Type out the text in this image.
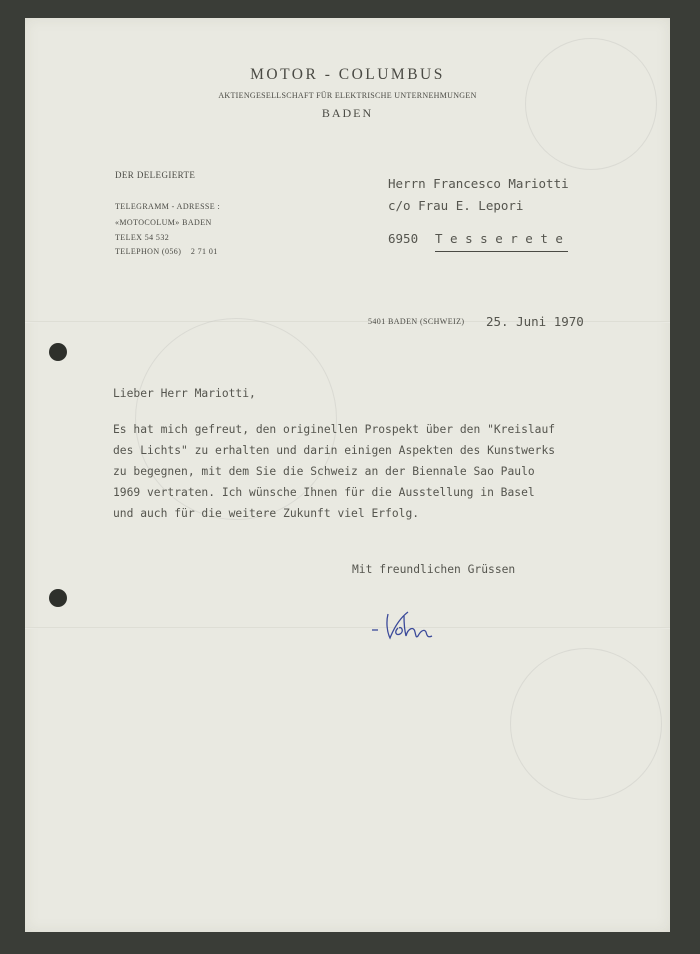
MOTOR - COLUMBUS
AKTIENGESELLSCHAFT FÜR ELEKTRISCHE UNTERNEHMUNGEN
BADEN
DER DELEGIERTE
TELEGRAMM - ADRESSE :
«MOTOCOLUM» BADEN
TELEX 54 532
TELEPHON (056)    2 71 01
Herrn Francesco Mariotti
c/o Frau E. Lepori
6950 T e s s e r e t e
5401 BADEN (SCHWEIZ) 25. Juni 1970
Lieber Herr Mariotti,
Es hat mich gefreut, den originellen Prospekt über den "Kreislauf
des Lichts" zu erhalten und darin einigen Aspekten des Kunstwerks
zu begegnen, mit dem Sie die Schweiz an der Biennale Sao Paulo
1969 vertraten. Ich wünsche Ihnen für die Ausstellung in Basel
und auch für die weitere Zukunft viel Erfolg.
Mit freundlichen Grüssen
